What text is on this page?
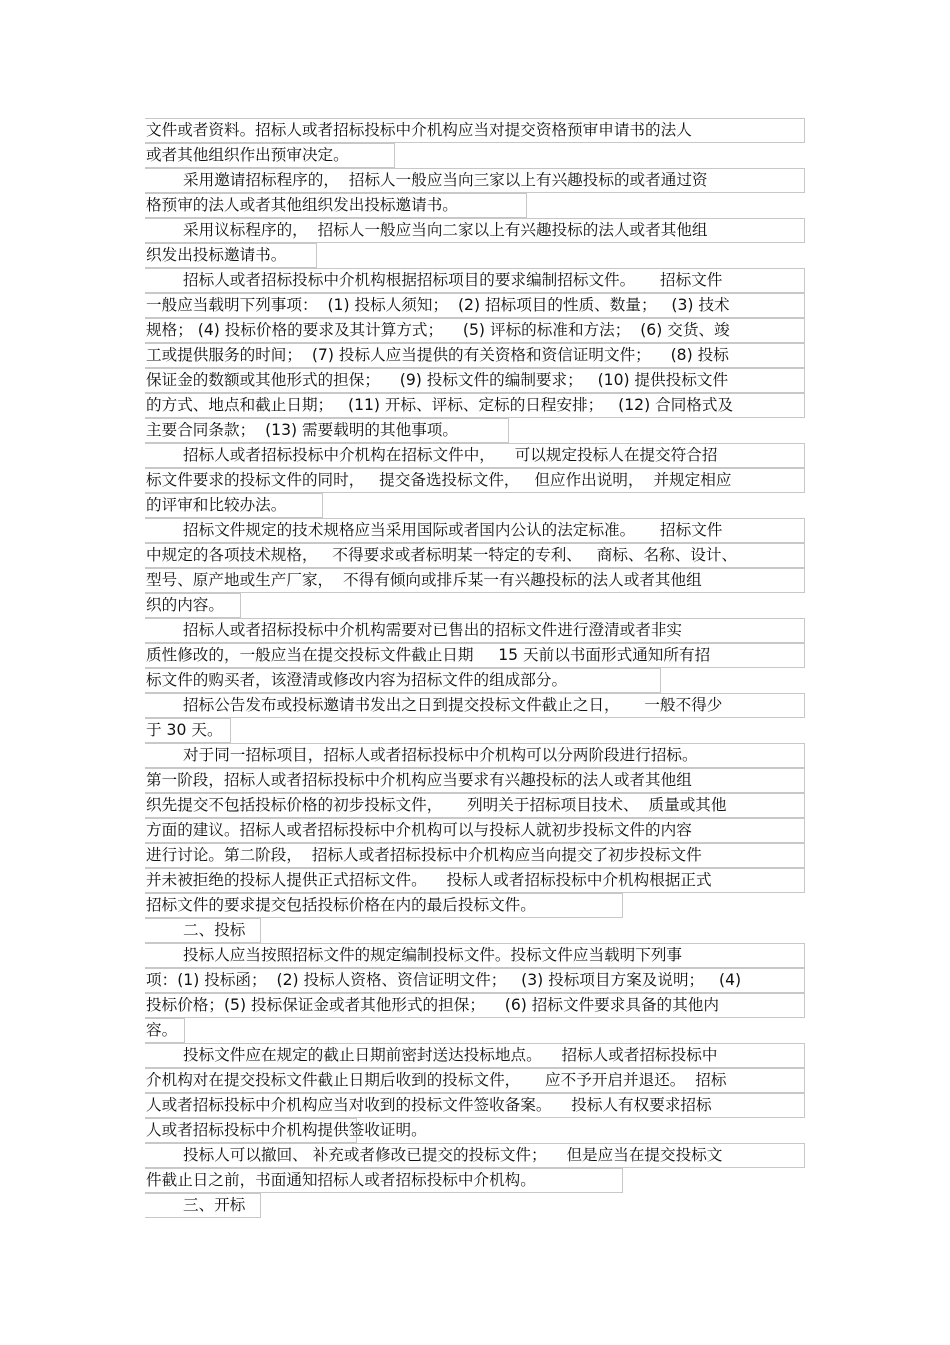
文件或者资料。招标人或者招标投标中介机构应当对提交资格预审申请书的法人
或者其他组织作出预审决定。
采用邀请招标程序的，  招标人一般应当向三家以上有兴趣投标的或者通过资
格预审的法人或者其他组织发出投标邀请书。
采用议标程序的，  招标人一般应当向二家以上有兴趣投标的法人或者其他组
织发出投标邀请书。
招标人或者招标投标中介机构根据招标项目的要求编制招标文件。     招标文件
一般应当载明下列事项：  (1) 投标人须知；  (2) 招标项目的性质、数量；   (3) 技术
规格； (4) 投标价格的要求及其计算方式；    (5) 评标的标准和方法；  (6) 交货、竣
工或提供服务的时间；  (7) 投标人应当提供的有关资格和资信证明文件；    (8) 投标
保证金的数额或其他形式的担保；    (9) 投标文件的编制要求；   (10) 提供投标文件
的方式、地点和截止日期；   (11) 开标、评标、定标的日程安排；   (12) 合同格式及
主要合同条款；  (13) 需要载明的其他事项。
招标人或者招标投标中介机构在招标文件中，    可以规定投标人在提交符合招
标文件要求的投标文件的同时，   提交备选投标文件，   但应作出说明，  并规定相应
的评审和比较办法。
招标文件规定的技术规格应当采用国际或者国内公认的法定标准。     招标文件
中规定的各项技术规格，   不得要求或者标明某一特定的专利、   商标、名称、设计、
型号、原产地或生产厂家，  不得有倾向或排斥某一有兴趣投标的法人或者其他组
织的内容。
招标人或者招标投标中介机构需要对已售出的招标文件进行澄清或者非实
质性修改的，一般应当在提交投标文件截止日期     15 天前以书面形式通知所有招
标文件的购买者，该澄清或修改内容为招标文件的组成部分。
招标公告发布或投标邀请书发出之日到提交投标文件截止之日，     一般不得少
于 30 天。
对于同一招标项目，招标人或者招标投标中介机构可以分两阶段进行招标。
第一阶段，招标人或者招标投标中介机构应当要求有兴趣投标的法人或者其他组
织先提交不包括投标价格的初步投标文件，     列明关于招标项目技术、  质量或其他
方面的建议。招标人或者招标投标中介机构可以与投标人就初步投标文件的内容
进行讨论。第二阶段，  招标人或者招标投标中介机构应当向提交了初步投标文件
并未被拒绝的投标人提供正式招标文件。    投标人或者招标投标中介机构根据正式
招标文件的要求提交包括投标价格在内的最后投标文件。
二、投标
投标人应当按照招标文件的规定编制投标文件。投标文件应当载明下列事
项：(1) 投标函；  (2) 投标人资格、资信证明文件；   (3) 投标项目方案及说明；   (4)
投标价格；(5) 投标保证金或者其他形式的担保；    (6) 招标文件要求具备的其他内
容。
投标文件应在规定的截止日期前密封送达投标地点。    招标人或者招标投标中
介机构对在提交投标文件截止日期后收到的投标文件，     应不予开启并退还。  招标
人或者招标投标中介机构应当对收到的投标文件签收备案。    投标人有权要求招标
人或者招标投标中介机构提供签收证明。
投标人可以撤回、 补充或者修改已提交的投标文件；    但是应当在提交投标文
件截止日之前，书面通知招标人或者招标投标中介机构。
三、开标
